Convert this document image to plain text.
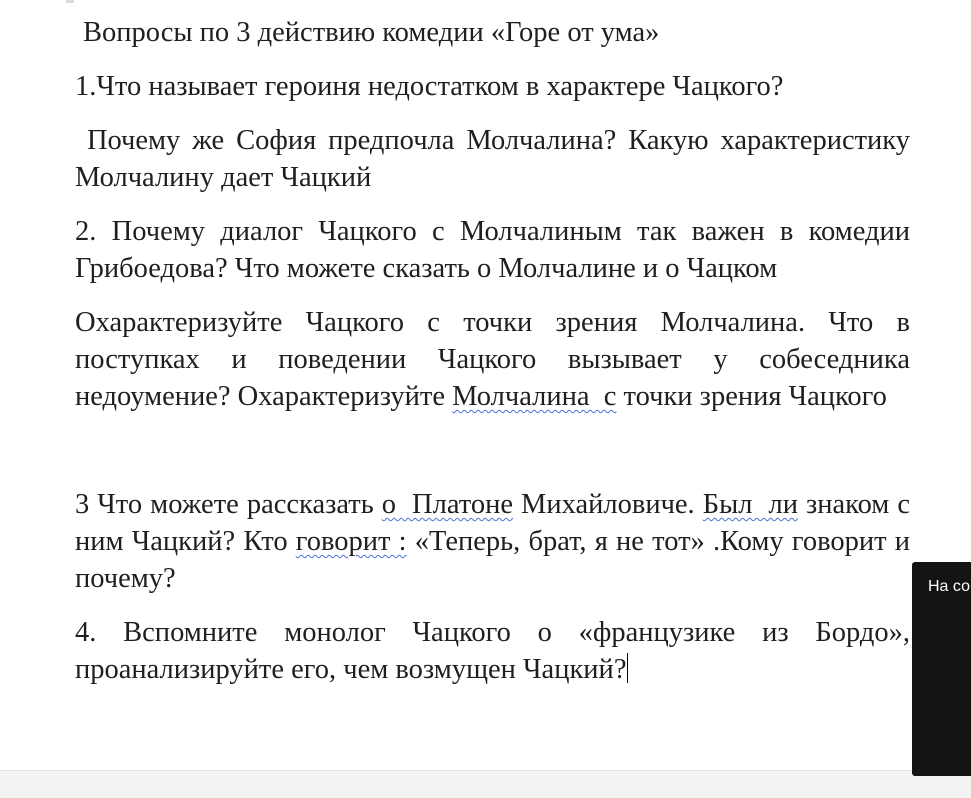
Вопросы по 3 действию комедии «Горе от ума»

1.Что называет героиня недостатком в характере Чацкого?

Почему же София предпочла Молчалина? Какую характеристику Молчалину дает Чацкий

2. Почему диалог Чацкого с Молчалиным так важен в комедии Грибоедова? Что можете сказать о Молчалине и о Чацком

Охарактеризуйте Чацкого с точки зрения Молчалина. Что в поступках и поведении Чацкого вызывает у собеседника недоумение? Охарактеризуйте Молчалина  с точки зрения Чацкого

3 Что можете рассказать о  Платоне Михайловиче. Был  ли знаком с ним Чацкий? Кто говорит : «Теперь, брат, я не тот» .Кому говорит и почему?

4. Вспомните монолог Чацкого о «французике из Бордо», проанализируйте его, чем возмущен Чацкий?

На со
